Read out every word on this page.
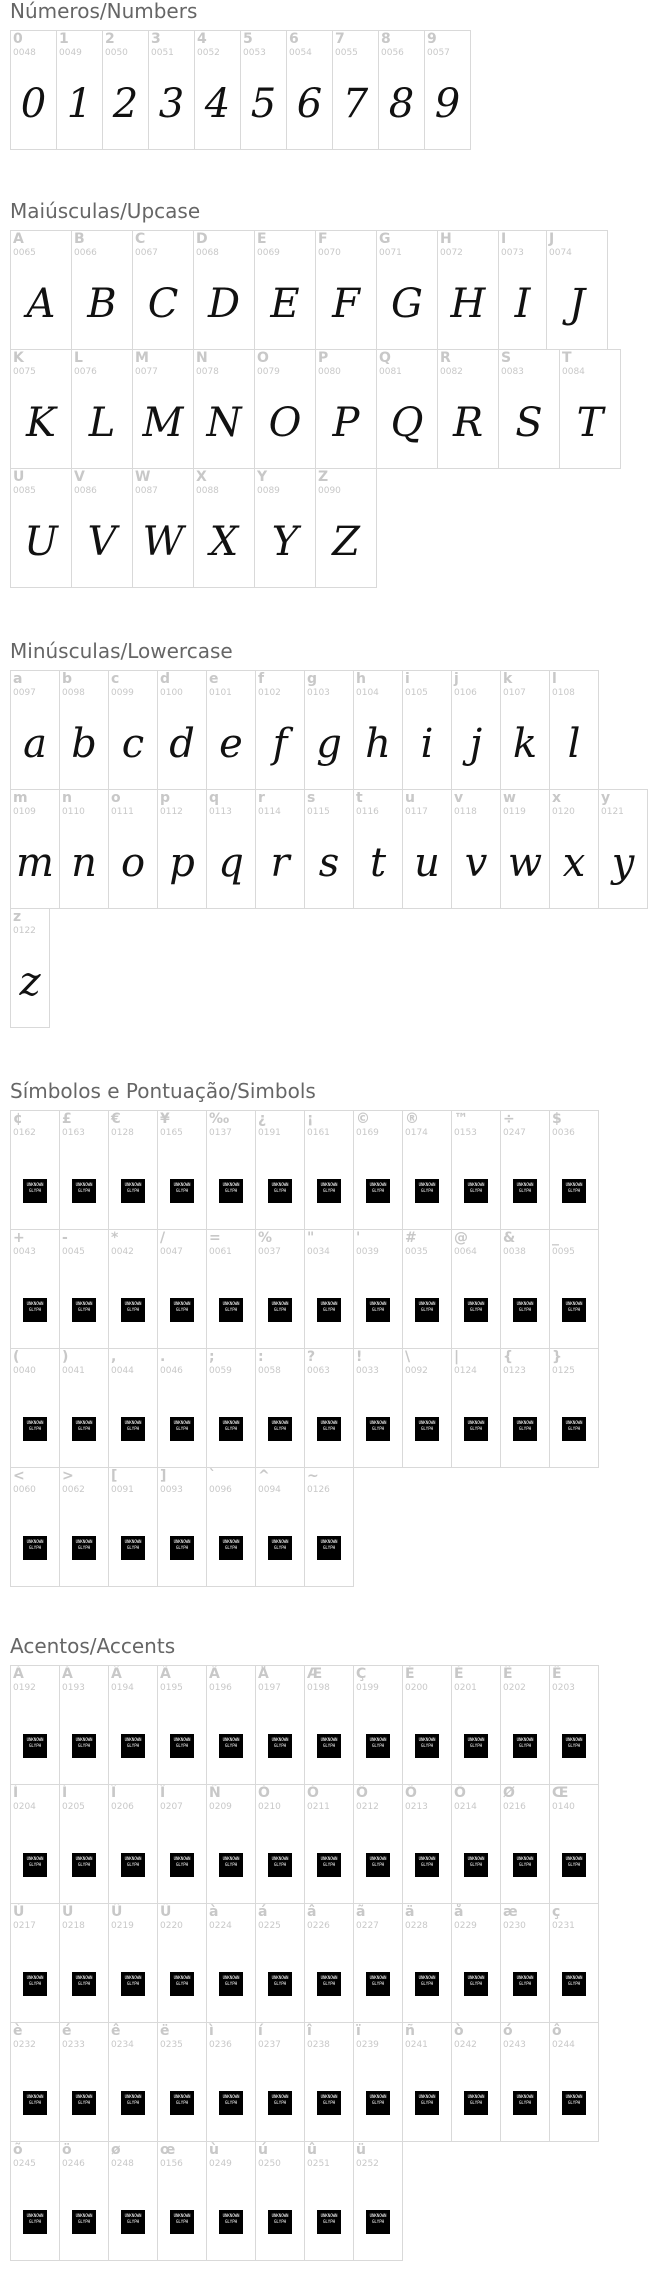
Números/Numbers
0
0048
0
1
0049
1
2
0050
2
3
0051
3
4
0052
4
5
0053
5
6
0054
6
7
0055
7
8
0056
8
9
0057
9
Maiúsculas/Upcase
A
0065
A
B
0066
B
C
0067
C
D
0068
D
E
0069
E
F
0070
F
G
0071
G
H
0072
H
I
0073
I
J
0074
J
K
0075
K
L
0076
L
M
0077
M
N
0078
N
O
0079
O
P
0080
P
Q
0081
Q
R
0082
R
S
0083
S
T
0084
T
U
0085
U
V
0086
V
W
0087
W
X
0088
X
Y
0089
Y
Z
0090
Z
Minúsculas/Lowercase
a
0097
a
b
0098
b
c
0099
c
d
0100
d
e
0101
e
f
0102
f
g
0103
g
h
0104
h
i
0105
i
j
0106
j
k
0107
k
l
0108
l
m
0109
m
n
0110
n
o
0111
o
p
0112
p
q
0113
q
r
0114
r
s
0115
s
t
0116
t
u
0117
u
v
0118
v
w
0119
w
x
0120
x
y
0121
y
z
0122
z
Símbolos e Pontuação/Simbols
¢
0162
UNKNOWN GLYPH
£
0163
UNKNOWN GLYPH
€
0128
UNKNOWN GLYPH
¥
0165
UNKNOWN GLYPH
‰
0137
UNKNOWN GLYPH
¿
0191
UNKNOWN GLYPH
¡
0161
UNKNOWN GLYPH
©
0169
UNKNOWN GLYPH
®
0174
UNKNOWN GLYPH
™
0153
UNKNOWN GLYPH
÷
0247
UNKNOWN GLYPH
$
0036
UNKNOWN GLYPH
+
0043
UNKNOWN GLYPH
-
0045
UNKNOWN GLYPH
*
0042
UNKNOWN GLYPH
/
0047
UNKNOWN GLYPH
=
0061
UNKNOWN GLYPH
%
0037
UNKNOWN GLYPH
"
0034
UNKNOWN GLYPH
'
0039
UNKNOWN GLYPH
#
0035
UNKNOWN GLYPH
@
0064
UNKNOWN GLYPH
&
0038
UNKNOWN GLYPH
_
0095
UNKNOWN GLYPH
(
0040
UNKNOWN GLYPH
)
0041
UNKNOWN GLYPH
,
0044
UNKNOWN GLYPH
.
0046
UNKNOWN GLYPH
;
0059
UNKNOWN GLYPH
:
0058
UNKNOWN GLYPH
?
0063
UNKNOWN GLYPH
!
0033
UNKNOWN GLYPH
\
0092
UNKNOWN GLYPH
|
0124
UNKNOWN GLYPH
{
0123
UNKNOWN GLYPH
}
0125
UNKNOWN GLYPH
<
0060
UNKNOWN GLYPH
>
0062
UNKNOWN GLYPH
[
0091
UNKNOWN GLYPH
]
0093
UNKNOWN GLYPH
`
0096
UNKNOWN GLYPH
^
0094
UNKNOWN GLYPH
~
0126
UNKNOWN GLYPH
Acentos/Accents
À
0192
UNKNOWN GLYPH
Á
0193
UNKNOWN GLYPH
Â
0194
UNKNOWN GLYPH
Ã
0195
UNKNOWN GLYPH
Ä
0196
UNKNOWN GLYPH
Å
0197
UNKNOWN GLYPH
Æ
0198
UNKNOWN GLYPH
Ç
0199
UNKNOWN GLYPH
È
0200
UNKNOWN GLYPH
É
0201
UNKNOWN GLYPH
Ê
0202
UNKNOWN GLYPH
Ë
0203
UNKNOWN GLYPH
Ì
0204
UNKNOWN GLYPH
Í
0205
UNKNOWN GLYPH
Î
0206
UNKNOWN GLYPH
Ï
0207
UNKNOWN GLYPH
Ñ
0209
UNKNOWN GLYPH
Ò
0210
UNKNOWN GLYPH
Ó
0211
UNKNOWN GLYPH
Ô
0212
UNKNOWN GLYPH
Õ
0213
UNKNOWN GLYPH
Ö
0214
UNKNOWN GLYPH
Ø
0216
UNKNOWN GLYPH
Œ
0140
UNKNOWN GLYPH
Ù
0217
UNKNOWN GLYPH
Ú
0218
UNKNOWN GLYPH
Û
0219
UNKNOWN GLYPH
Ü
0220
UNKNOWN GLYPH
à
0224
UNKNOWN GLYPH
á
0225
UNKNOWN GLYPH
â
0226
UNKNOWN GLYPH
ã
0227
UNKNOWN GLYPH
ä
0228
UNKNOWN GLYPH
å
0229
UNKNOWN GLYPH
æ
0230
UNKNOWN GLYPH
ç
0231
UNKNOWN GLYPH
è
0232
UNKNOWN GLYPH
é
0233
UNKNOWN GLYPH
ê
0234
UNKNOWN GLYPH
ë
0235
UNKNOWN GLYPH
ì
0236
UNKNOWN GLYPH
í
0237
UNKNOWN GLYPH
î
0238
UNKNOWN GLYPH
ï
0239
UNKNOWN GLYPH
ñ
0241
UNKNOWN GLYPH
ò
0242
UNKNOWN GLYPH
ó
0243
UNKNOWN GLYPH
ô
0244
UNKNOWN GLYPH
õ
0245
UNKNOWN GLYPH
ö
0246
UNKNOWN GLYPH
ø
0248
UNKNOWN GLYPH
œ
0156
UNKNOWN GLYPH
ù
0249
UNKNOWN GLYPH
ú
0250
UNKNOWN GLYPH
û
0251
UNKNOWN GLYPH
ü
0252
UNKNOWN GLYPH
